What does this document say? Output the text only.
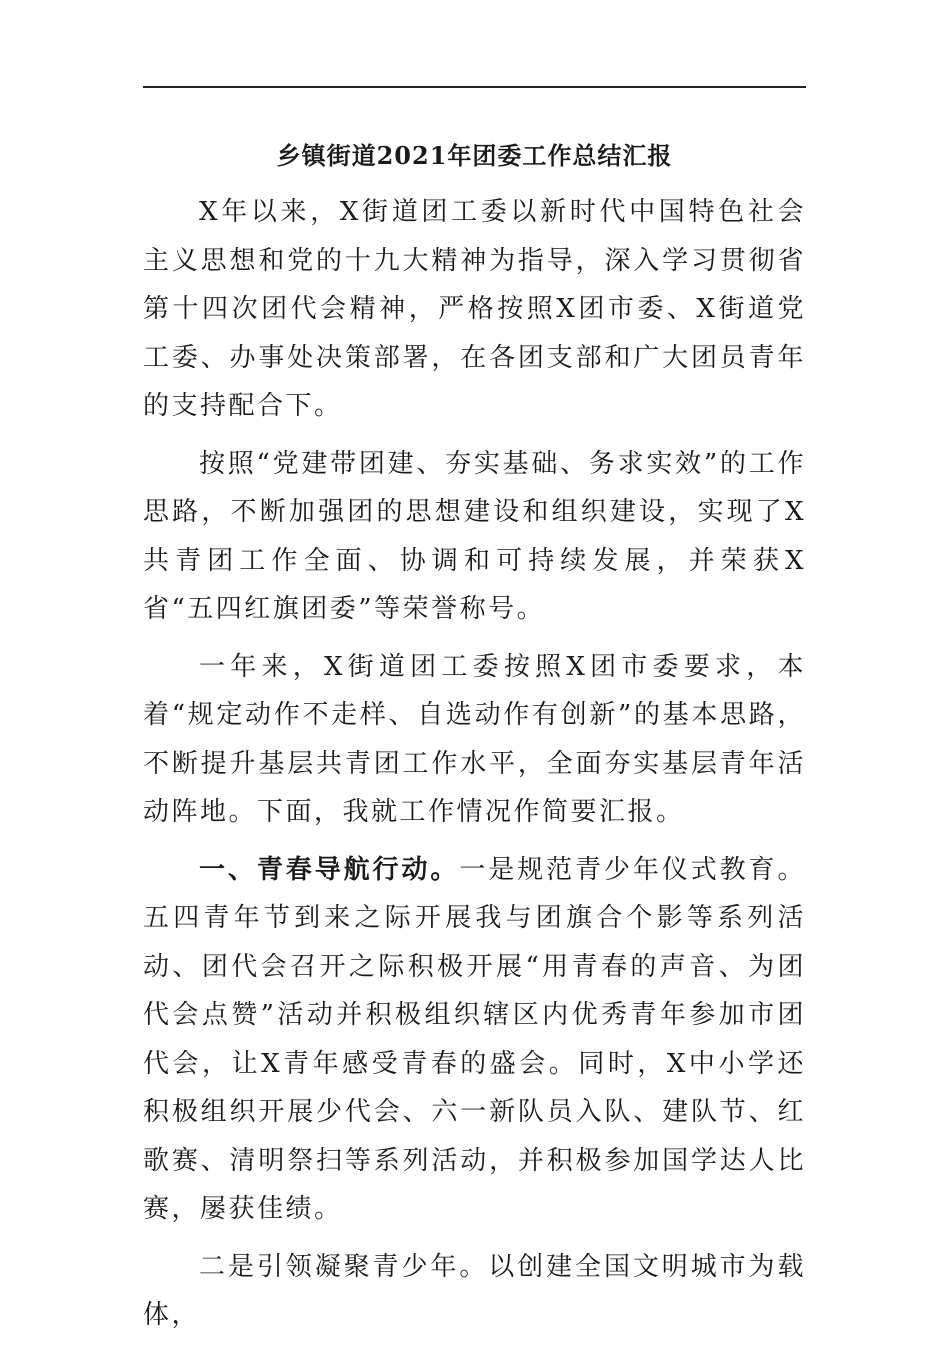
乡镇街道2021年团委工作总结汇报

X年以来，X街道团工委以新时代中国特色社会主义思想和党的十九大精神为指导，深入学习贯彻省第十四次团代会精神，严格按照X团市委、X街道党工委、办事处决策部署，在各团支部和广大团员青年的支持配合下。

按照“党建带团建、夯实基础、务求实效”的工作思路，不断加强团的思想建设和组织建设，实现了X共青团工作全面、协调和可持续发展，并荣获X省“五四红旗团委”等荣誉称号。

一年来，X街道团工委按照X团市委要求，本着“规定动作不走样、自选动作有创新”的基本思路，不断提升基层共青团工作水平，全面夯实基层青年活动阵地。下面，我就工作情况作简要汇报。

一、青春导航行动。一是规范青少年仪式教育。五四青年节到来之际开展我与团旗合个影等系列活动、团代会召开之际积极开展“用青春的声音、为团代会点赞”活动并积极组织辖区内优秀青年参加市团代会，让X青年感受青春的盛会。同时，X中小学还积极组织开展少代会、六一新队员入队、建队节、红歌赛、清明祭扫等系列活动，并积极参加国学达人比赛，屡获佳绩。

二是引领凝聚青少年。以创建全国文明城市为载体，
